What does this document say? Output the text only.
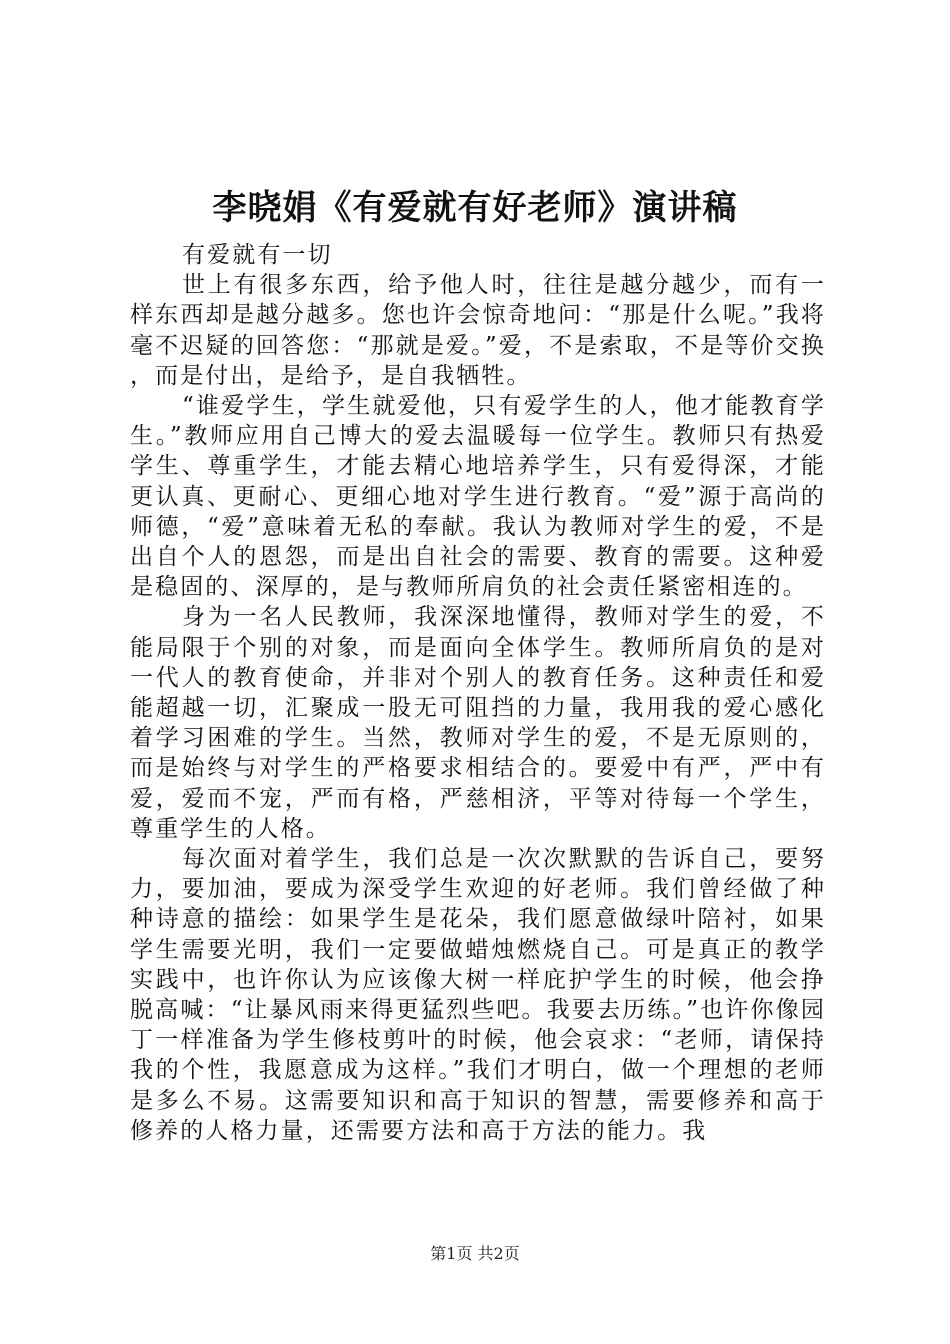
李晓娟《有爱就有好老师》演讲稿

有爱就有一切

世上有很多东西，给予他人时，往往是越分越少，而有一样东西却是越分越多。您也许会惊奇地问：“那是什么呢。”我将毫不迟疑的回答您：“那就是爱。”爱，不是索取，不是等价交换，而是付出，是给予，是自我牺牲。

“谁爱学生，学生就爱他，只有爱学生的人，他才能教育学生。”教师应用自己博大的爱去温暖每一位学生。教师只有热爱学生、尊重学生，才能去精心地培养学生，只有爱得深，才能更认真、更耐心、更细心地对学生进行教育。“爱”源于高尚的师德，“爱”意味着无私的奉献。我认为教师对学生的爱，不是出自个人的恩怨，而是出自社会的需要、教育的需要。这种爱是稳固的、深厚的，是与教师所肩负的社会责任紧密相连的。

身为一名人民教师，我深深地懂得，教师对学生的爱，不能局限于个别的对象，而是面向全体学生。教师所肩负的是对一代人的教育使命，并非对个别人的教育任务。这种责任和爱能超越一切，汇聚成一股无可阻挡的力量，我用我的爱心感化着学习困难的学生。当然，教师对学生的爱，不是无原则的，而是始终与对学生的严格要求相结合的。要爱中有严，严中有爱，爱而不宠，严而有格，严慈相济，平等对待每一个学生，尊重学生的人格。

每次面对着学生，我们总是一次次默默的告诉自己，要努力，要加油，要成为深受学生欢迎的好老师。我们曾经做了种种诗意的描绘：如果学生是花朵，我们愿意做绿叶陪衬，如果学生需要光明，我们一定要做蜡烛燃烧自己。可是真正的教学实践中，也许你认为应该像大树一样庇护学生的时候，他会挣脱高喊：“让暴风雨来得更猛烈些吧。我要去历练。”也许你像园丁一样准备为学生修枝剪叶的时候，他会哀求：“老师，请保持我的个性，我愿意成为这样。”我们才明白，做一个理想的老师是多么不易。这需要知识和高于知识的智慧，需要修养和高于修养的人格力量，还需要方法和高于方法的能力。我

第1页 共2页
